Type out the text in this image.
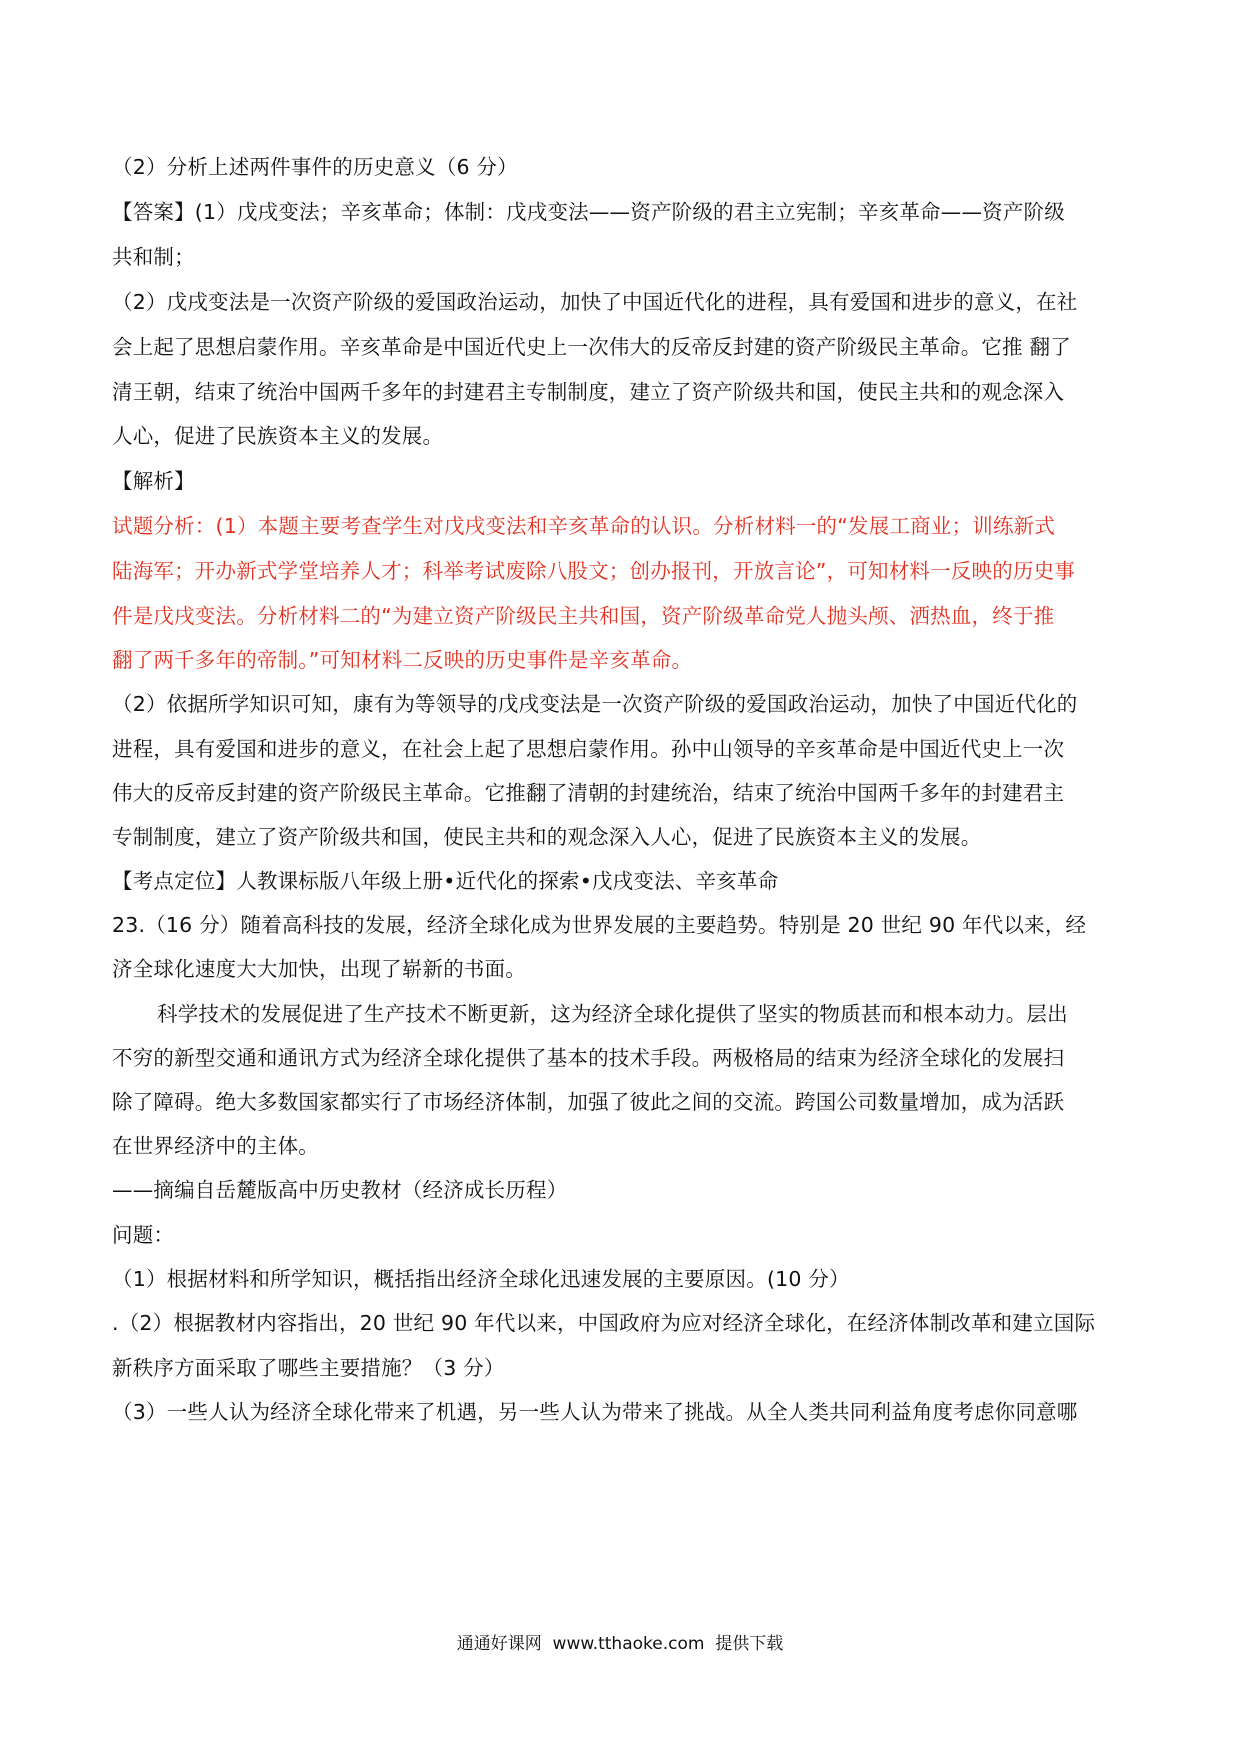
（2）分析上述两件事件的历史意义（6 分）
【答案】(1）戊戌变法；辛亥革命；体制：戊戌变法——资产阶级的君主立宪制；辛亥革命——资产阶级
共和制；
（2）戊戌变法是一次资产阶级的爱国政治运动，加快了中国近代化的进程，具有爱国和进步的意义，在社
会上起了思想启蒙作用。辛亥革命是中国近代史上一次伟大的反帝反封建的资产阶级民主革命。它推 翻了
清王朝，结束了统治中国两千多年的封建君主专制制度，建立了资产阶级共和国，使民主共和的观念深入
人心，促进了民族资本主义的发展。
【解析】
试题分析：(1）本题主要考查学生对戊戌变法和辛亥革命的认识。分析材料一的“发展工商业；训练新式
陆海军；开办新式学堂培养人才；科举考试废除八股文；创办报刊，开放言论”，可知材料一反映的历史事
件是戊戌变法。分析材料二的“为建立资产阶级民主共和国，资产阶级革命党人抛头颅、洒热血，终于推
翻了两千多年的帝制。”可知材料二反映的历史事件是辛亥革命。
（2）依据所学知识可知，康有为等领导的戊戌变法是一次资产阶级的爱国政治运动，加快了中国近代化的
进程，具有爱国和进步的意义，在社会上起了思想启蒙作用。孙中山领导的辛亥革命是中国近代史上一次
伟大的反帝反封建的资产阶级民主革命。它推翻了清朝的封建统治，结束了统治中国两千多年的封建君主
专制制度，建立了资产阶级共和国，使民主共和的观念深入人心，促进了民族资本主义的发展。
【考点定位】人教课标版八年级上册•近代化的探索•戊戌变法、辛亥革命
23.（16 分）随着高科技的发展，经济全球化成为世界发展的主要趋势。特别是 20 世纪 90 年代以来，经
济全球化速度大大加快，出现了崭新的书面。
科学技术的发展促进了生产技术不断更新，这为经济全球化提供了坚实的物质甚而和根本动力。层出
不穷的新型交通和通讯方式为经济全球化提供了基本的技术手段。两极格局的结束为经济全球化的发展扫
除了障碍。绝大多数国家都实行了市场经济体制，加强了彼此之间的交流。跨国公司数量增加，成为活跃
在世界经济中的主体。
——摘编自岳麓版高中历史教材（经济成长历程）
问题：
（1）根据材料和所学知识，概括指出经济全球化迅速发展的主要原因。(10 分）
.（2）根据教材内容指出，20 世纪 90 年代以来，中国政府为应对经济全球化，在经济体制改革和建立国际
新秩序方面采取了哪些主要措施？（3 分）
（3）一些人认为经济全球化带来了机遇，另一些人认为带来了挑战。从全人类共同利益角度考虑你同意哪
通通好课网  www.tthaoke.com  提供下载
